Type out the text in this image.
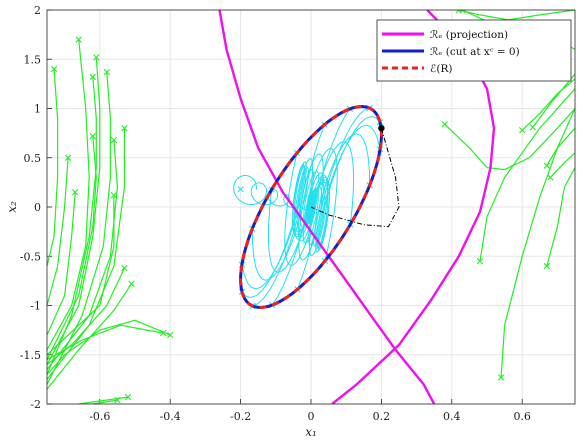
-0.6	-0.4	-0.2	0	0.2	0.4	0.6
-2
-1.5
-1
-0.5
0
0.5
1
1.5
2
x₁
x₂
ℛₑ (projection)
ℛₑ (cut at xᶜ = 0)
ℰ(R)
